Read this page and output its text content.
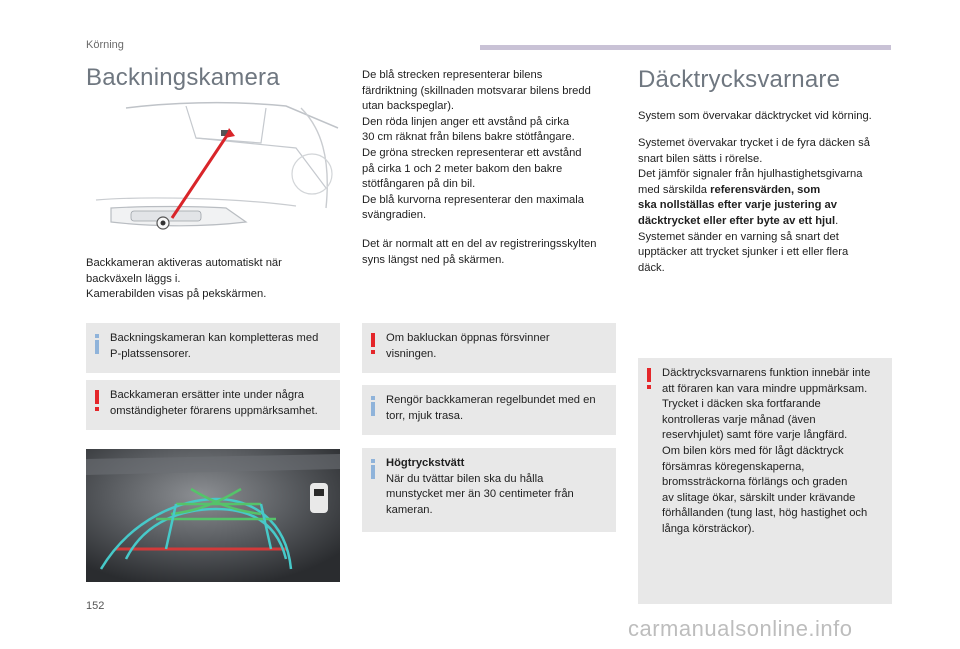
Körning
Backningskamera

Backkameran aktiveras automatiskt när

backväxeln läggs i.

Kamerabilden visas på pekskärmen.

Backningskameran kan kompletteras med
P-platssensorer.
Backkameran ersätter inte under några
omständigheter förarens uppmärksamhet.

De blå strecken representerar bilens

färdriktning (skillnaden motsvarar bilens bredd

utan backspeglar).

Den röda linjen anger ett avstånd på cirka

30 cm räknat från bilens bakre stötfångare.

De gröna strecken representerar ett avstånd

på cirka 1 och 2 meter bakom den bakre

stötfångaren på din bil.

De blå kurvorna representerar den maximala

svängradien.

Det är normalt att en del av registreringsskylten

syns längst ned på skärmen.

Om bakluckan öppnas försvinner
visningen.
Rengör backkameran regelbundet med en
torr, mjuk trasa.
Högtryckstvätt
När du tvättar bilen ska du hålla
munstycket mer än 30 centimeter från
kameran.
Däcktrycksvarnare

System som övervakar däcktrycket vid körning.

Systemet övervakar trycket i de fyra däcken så

snart bilen sätts i rörelse.

Det jämför signaler från hjulhastighetsgivarna

med särskilda referensvärden, som

ska nollställas efter varje justering av

däcktrycket eller efter byte av ett hjul.

Systemet sänder en varning så snart det

upptäcker att trycket sjunker i ett eller flera

däck.

Däcktrycksvarnarens funktion innebär inte
att föraren kan vara mindre uppmärksam.
Trycket i däcken ska fortfarande
kontrolleras varje månad (även
reservhjulet) samt före varje långfärd.
Om bilen körs med för lågt däcktryck
försämras köregenskaperna,
bromssträckorna förlängs och graden
av slitage ökar, särskilt under krävande
förhållanden (tung last, hög hastighet och
långa körsträckor).
152
carmanualsonline.info
